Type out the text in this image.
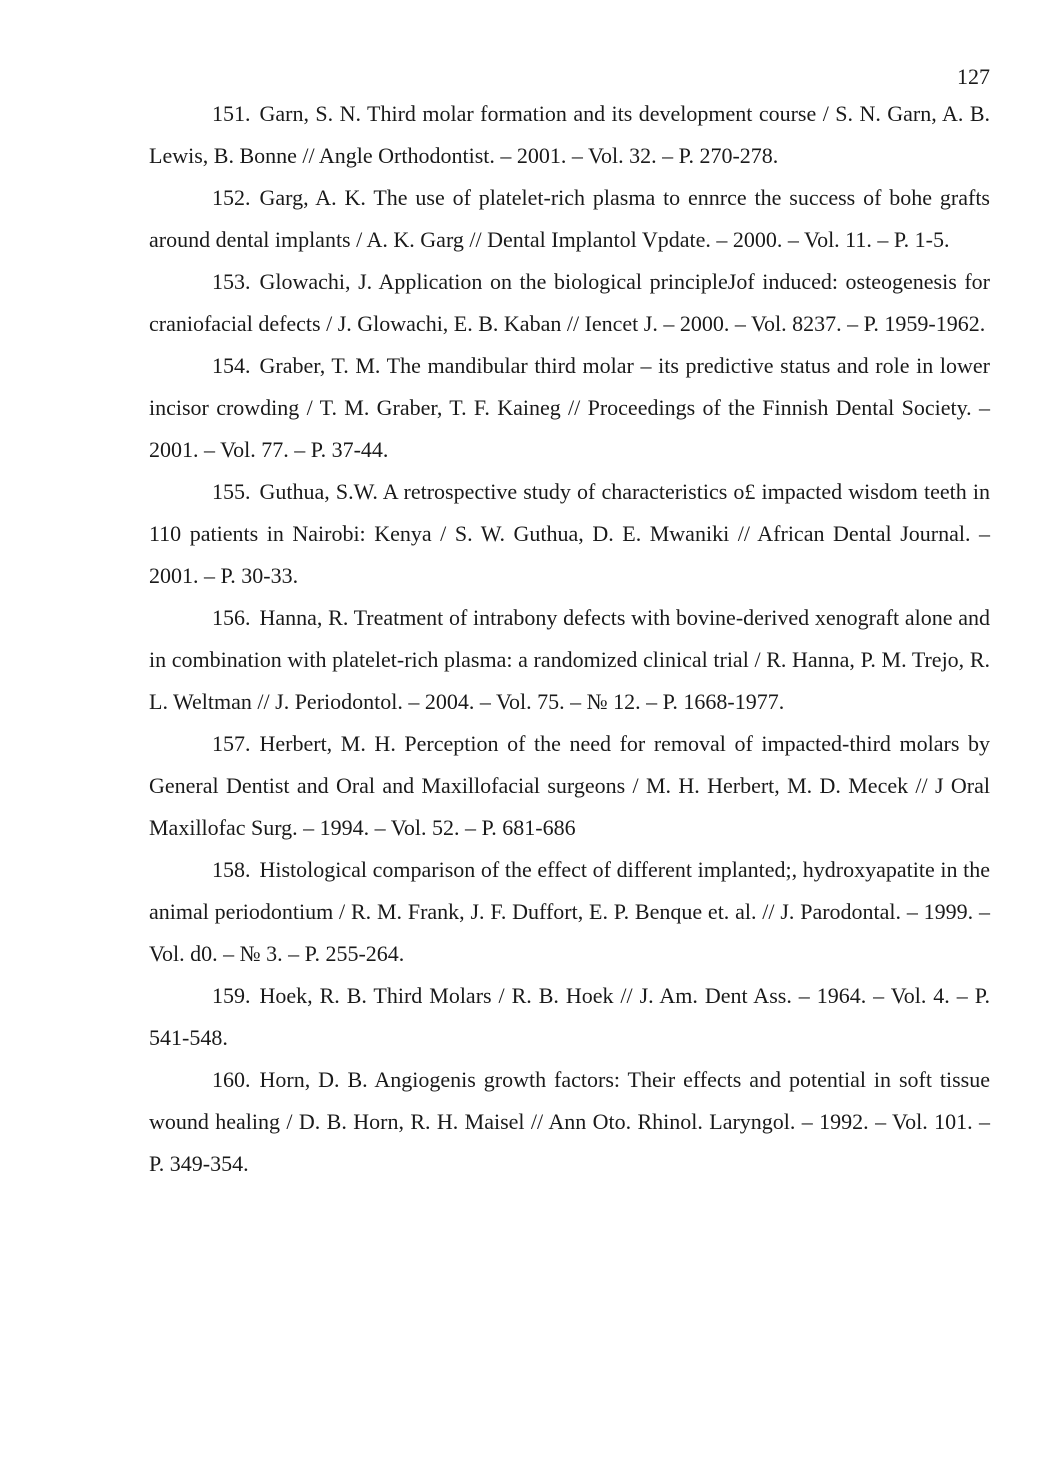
127

151. Garn, S. N. Third molar formation and its development course / S. N. Garn, A. B. Lewis, B. Bonne // Angle Orthodontist. – 2001. – Vol. 32. – P. 270-278.

152. Garg, A. K. The use of platelet-rich plasma to ennrce the success of bohe grafts around dental implants / A. K. Garg // Dental Implantol Vpdate. – 2000. – Vol. 11. – P. 1-5.

153. Glowachi, J. Application on the biological principleJof induced: osteogenesis for craniofacial defects / J. Glowachi, E. B. Kaban // Iencet J. – 2000. – Vol. 8237. – P. 1959-1962.

154. Graber, T. M. The mandibular third molar – its predictive status and role in lower incisor crowding / T. M. Graber, T. F. Kaineg // Proceedings of the Finnish Dental Society. – 2001. – Vol. 77. – P. 37-44.

155. Guthua, S.W. A retrospective study of characteristics o£ impacted wisdom teeth in 110 patients in Nairobi: Kenya / S. W. Guthua, D. E. Mwaniki // African Dental Journal. – 2001. – P. 30-33.

156. Hanna, R. Treatment of intrabony defects with bovine-derived xenograft alone and in combination with platelet-rich plasma: a randomized clinical trial / R. Hanna, P. M. Trejo, R. L. Weltman // J. Periodontol. – 2004. – Vol. 75. – № 12. – P. 1668-1977.

157. Herbert, M. H. Perception of the need for removal of impacted-third molars by General Dentist and Oral and Maxillofacial surgeons / M. H. Herbert, M. D. Mecek // J Oral Maxillofac Surg. – 1994. – Vol. 52. – P. 681-686

158. Histological comparison of the effect of different implanted;, hydroxyapatite in the animal periodontium / R. M. Frank, J. F. Duffort, E. P. Benque et. al. // J. Parodontal. – 1999. – Vol. d0. – № 3. – P. 255-264.

159. Hoek, R. B. Third Molars / R. B. Hoek // J. Am. Dent Ass. – 1964. – Vol. 4. – P. 541-548.

160. Horn, D. B. Angiogenis growth factors: Their effects and potential in soft tissue wound healing / D. B. Horn, R. H. Maisel // Ann Oto. Rhinol. Laryngol. – 1992. – Vol. 101. – P. 349-354.
